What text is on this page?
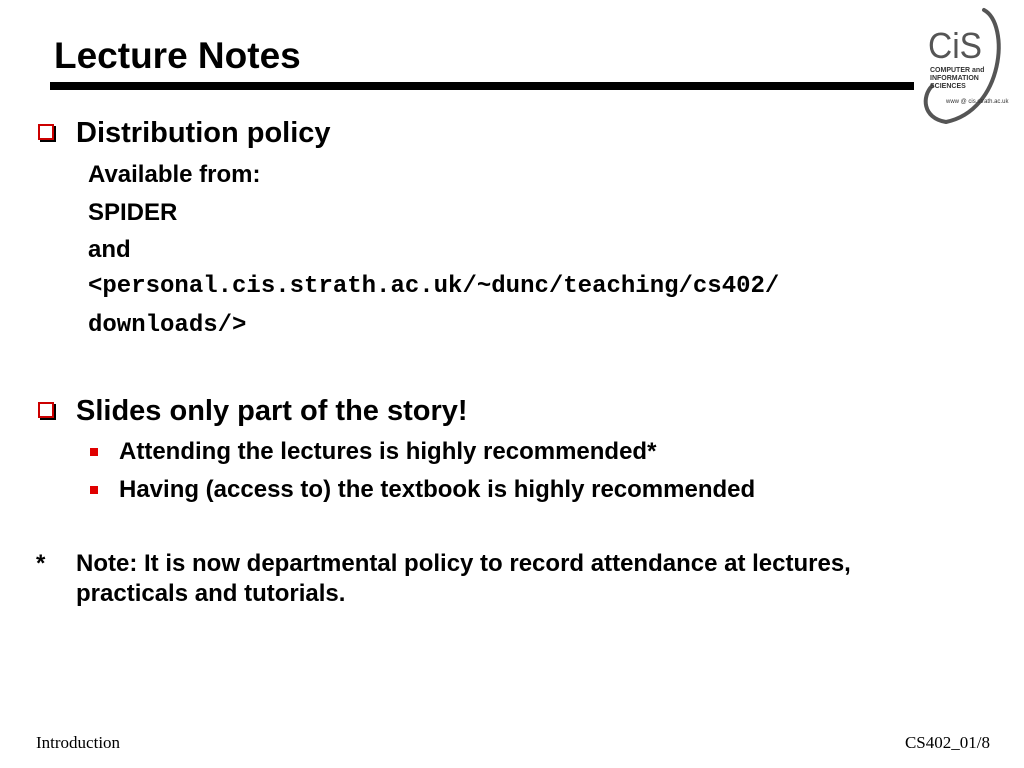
Lecture Notes	CiS
COMPUTER and
INFORMATION
SCIENCES
www @ cis.strath.ac.uk
Distribution policy
Available from:
SPIDER
and
<personal.cis.strath.ac.uk/~dunc/teaching/cs402/
downloads/>
Slides only part of the story!
Attending the lectures is highly recommended*
Having (access to) the textbook is highly recommended
* Note: It is now departmental policy to record attendance at lectures, practicals and tutorials.
Introduction	CS402_01/8
